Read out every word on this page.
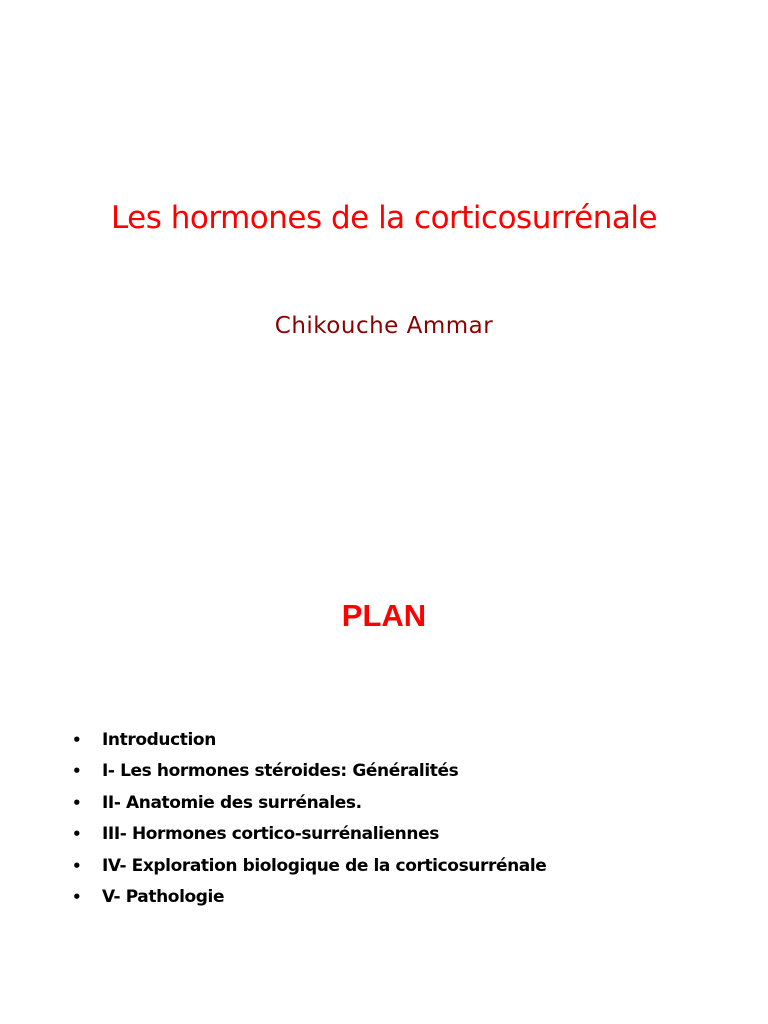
Les hormones de la corticosurrénale
Chikouche Ammar
PLAN
• Introduction
• I- Les hormones stéroides: Généralités
• II- Anatomie des surrénales.
• III- Hormones cortico-surrénaliennes
• IV- Exploration biologique de la corticosurrénale
• V- Pathologie
